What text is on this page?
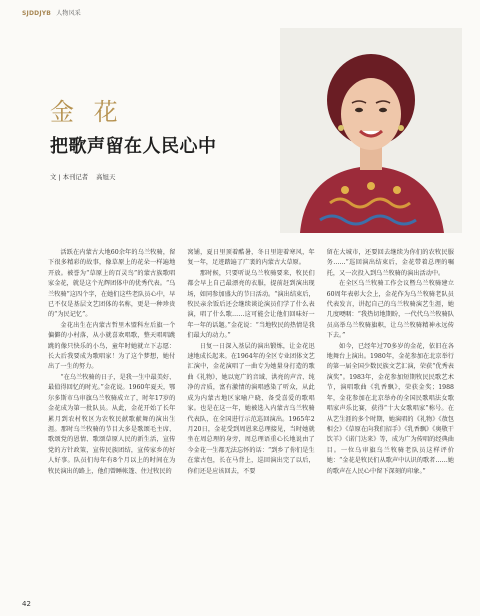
SJDDJYB 人物风采
金 花
把歌声留在人民心中
文 | 本刊记者 高旭天

活跃在内蒙古大地60余年的乌兰牧骑，留下很多精彩的故事，像草原上的花朵一样遍地开放。被誉为“草原上的百灵鸟”的蒙古族歌唱家金花，就是这个光辉团体中的优秀代表。“乌兰牧骑”这四个字，在她们这些老队员心中，早已不仅是基层文艺团体的名称，更是一种珍贵的“为民记忆”。

金花出生在内蒙古哲里木盟科左后旗一个偏僻的小村落，从小就喜欢唱歌，整天唱唱跳跳的像只快乐的小鸟，童年时她就立下志愿：长大后我要成为歌唱家！为了这个梦想，她付出了一生的努力。

“在乌兰牧骑的日子，是我一生中最美好、最值得回忆的时光。”金花说。1960年夏天，鄂尔多斯市乌审旗乌兰牧骑成立了，时年17岁的金花成为第一批队员。从此，金花开始了长年累月到农村牧区为农牧民献歌献舞的演出生涯。那时乌兰牧骑的节目大多是歌颂毛主席、歌颂党的恩情、歌颂草原人民的新生活，宣传党的方针政策，宣传民族团结，宣传家乡的好人好事。队员们每年有8个月以上的时间在为牧民演出的路上，他们曾睡帐篷、住过牧民的

窝铺，夏日里顶着酷暑，冬日里迎着寒风，年复一年，足迹踏遍了广袤的内蒙古大草原。

那时候，只要听说乌兰牧骑要来，牧民们都会早上自己最漂亮的衣服，提前赶到演出现场，如同参加盛大的节日活动。“演出结束后，牧民亲余饭后还会继续谈论演员们学了什么表演，唱了什么歌……这可能会让他们回味好一年一年的话题。”金花说：“当地牧民的热情是我们最大的动力。”

日复一日深入基层的演出锻炼，让金花迅速地成长起来。在1964年的全区专业团体文艺汇演中，金花演唱了一曲专为她量身打造的歌曲《礼物》，她以宽广的音域、洪亮的声音、纯净的音质，富有激情的演唱感染了听众，从此成为内蒙古地区家喻户晓、备受喜爱的歌唱家。也是在这一年，她被选入内蒙古乌兰牧骑代表队，在全国进行示范巡回演出。1965年2月20日，金花受到周恩来总理接见，当时她就坐在周总理的身旁，周总理语重心长地说由了今金花一生都无法忘怀的话：“到乡了你们是生在蒙古包，长在马背上，巡回演出完了以后，你们还是应该回去，不要

留在大城市，还要回去继续为你们的农牧民服务……”巡回演出结束后，金花带着总理的嘱托，又一次投入到乌兰牧骑的演出活动中。

在全区乌兰牧骑工作会议暨乌兰牧骑建立60周年表彰大会上，金花作为乌兰牧骑老队员代表发言，讲起自己的乌兰牧骑演艺生涯，她几度哽咽：“我热切地期盼，一代代乌兰牧骑队员高举乌兰牧骑旗帜，让乌兰牧骑精神永远传下去。”

如今，已经年过70多岁的金花，依旧在各地舞台上演出。1980年，金花参加在北京举行的第一届全国少数民族文艺汇演，荣获“优秀表演奖”。1983年，金花参加短期牧民民歌艺术节，演唱歌曲《乳香飘》，荣获金奖；1988年，金花参加在北京举办的全国民歌唱法女歌唱家声乐比赛，获得“十大女歌唱家”称号。在从艺生涯的多个时期，她演唱的《礼物》《敖包相会》《草原在向我们招手》《乳香飘》《奥敬干饮羊》《诺门达来》等，成为广为传唱的经典曲目。一位乌审旗乌兰牧骑老队员这样评价她：“金花是牧民们从歌声中认识的歌者……她的歌声在人民心中留下深刻的印象。”

42
